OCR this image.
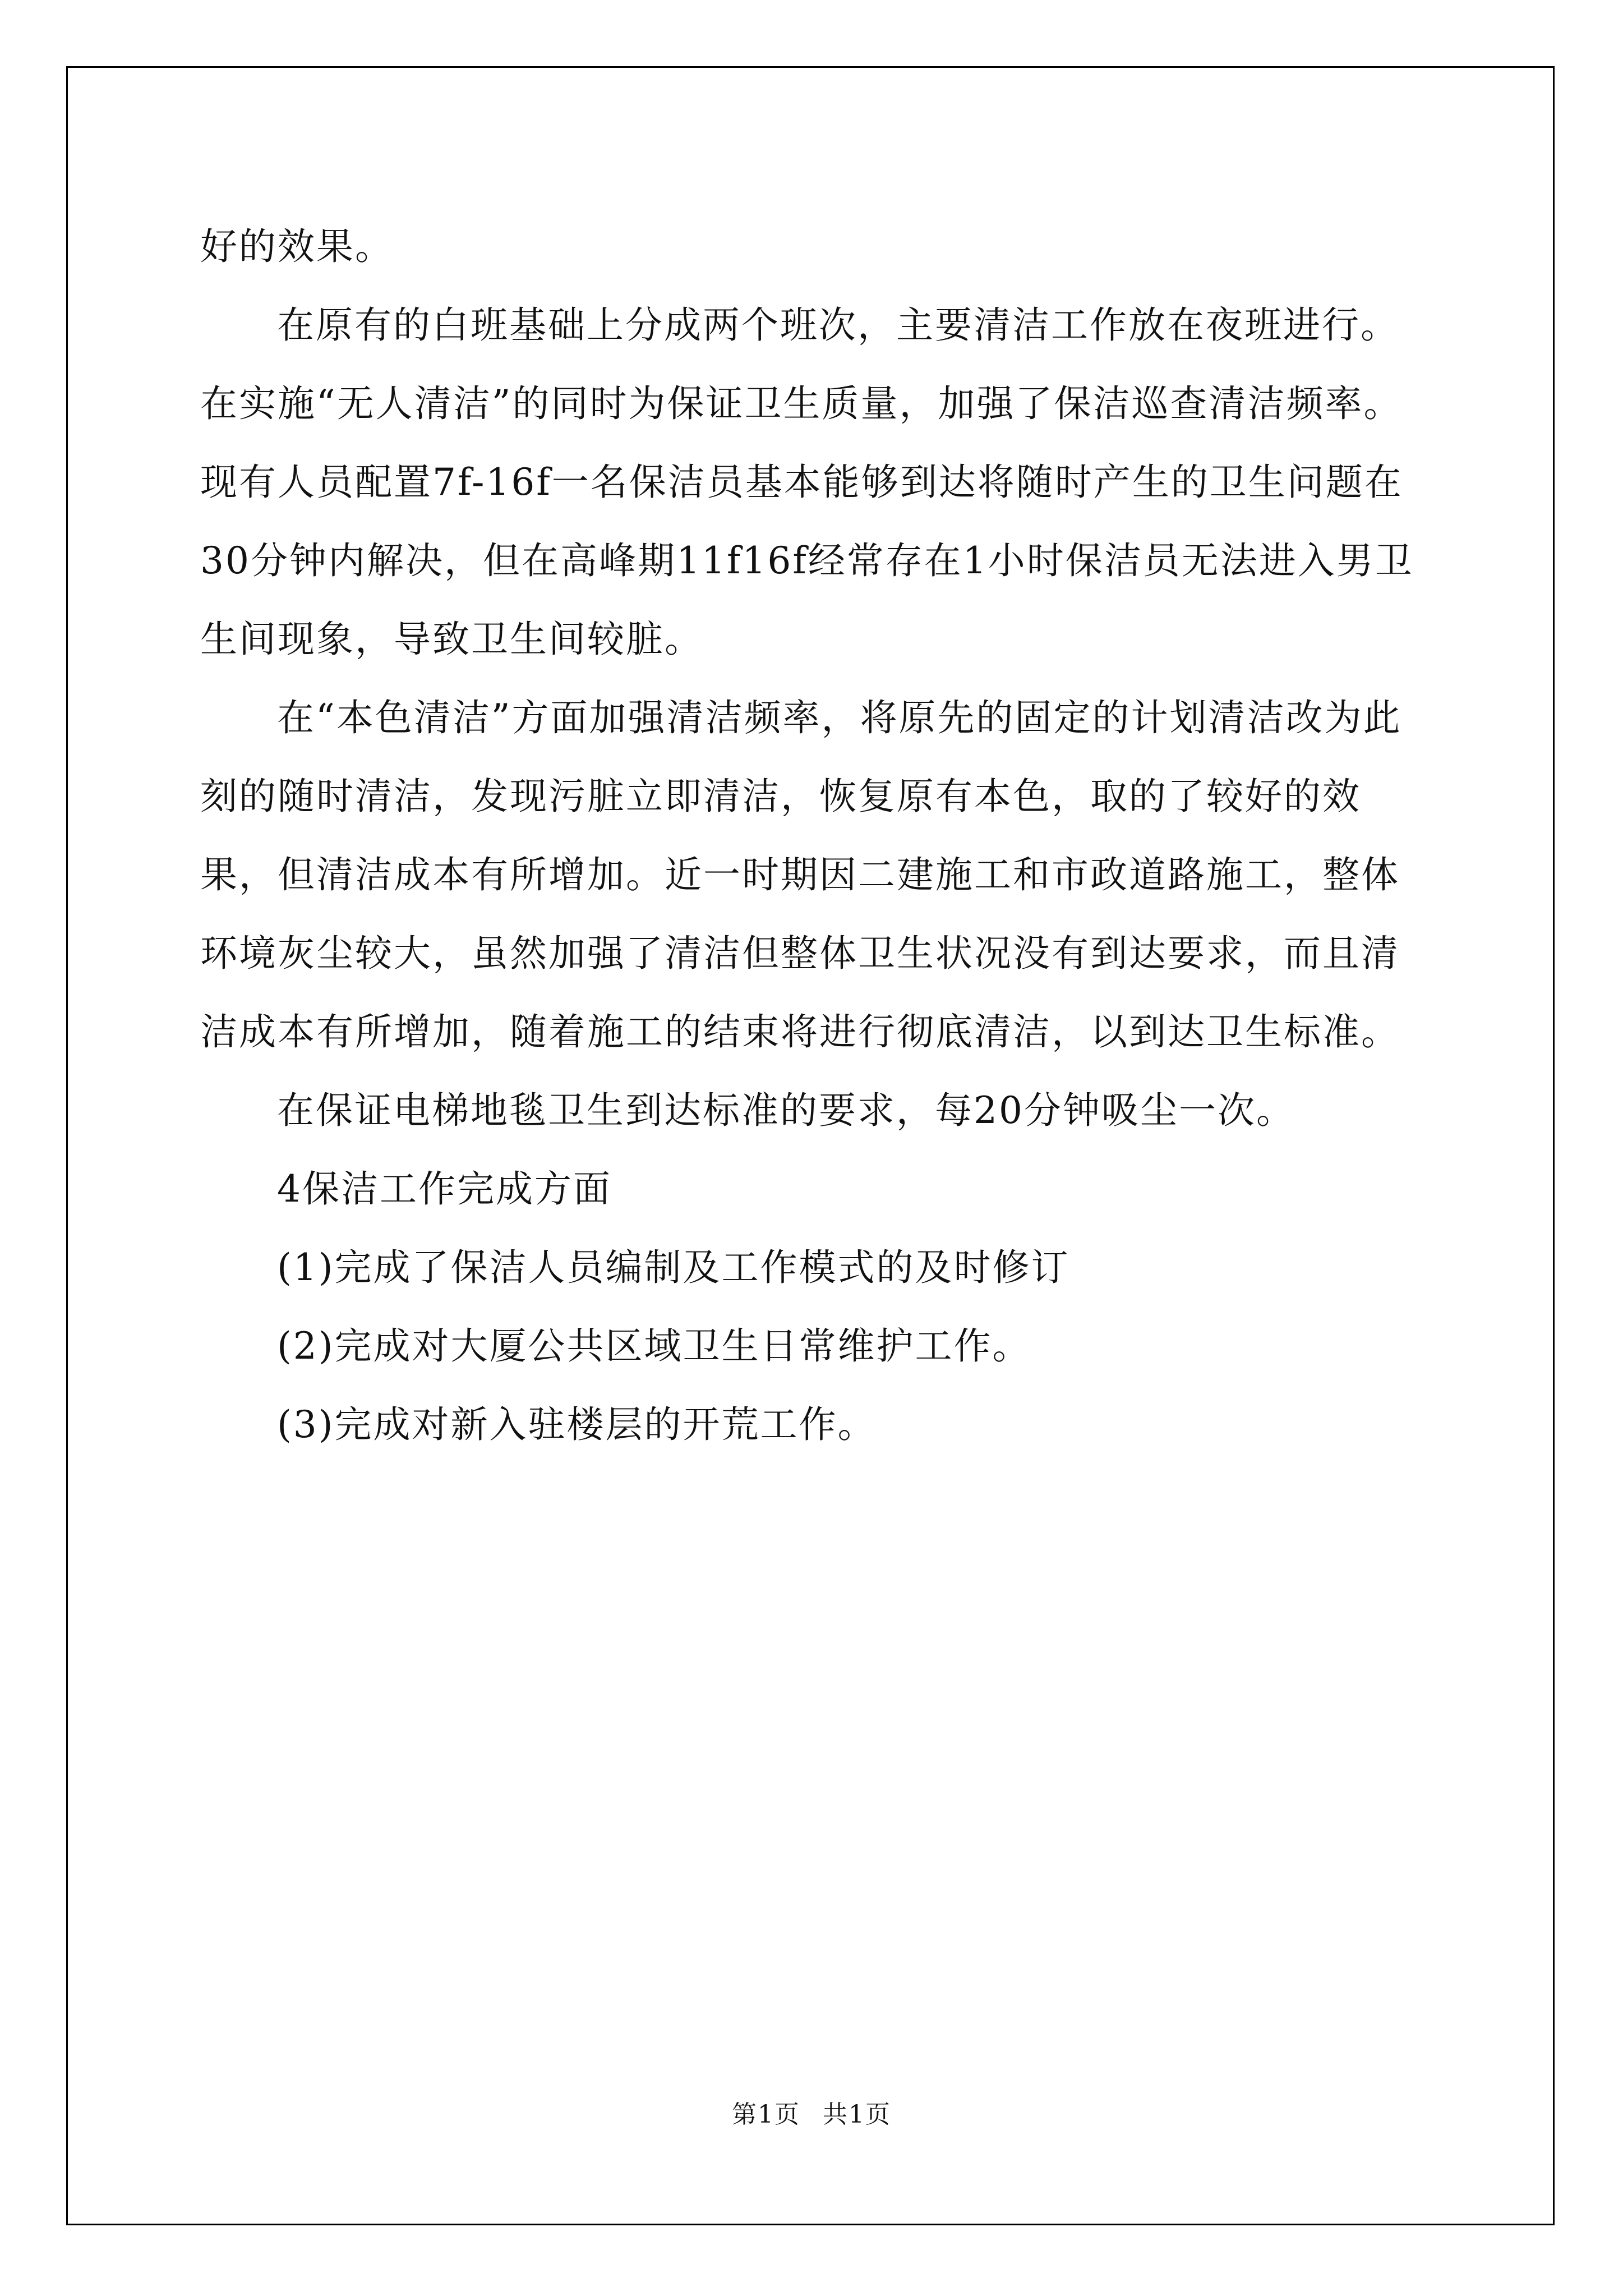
好的效果。

在原有的白班基础上分成两个班次，主要清洁工作放在夜班进行。在实施“无人清洁”的同时为保证卫生质量，加强了保洁巡查清洁频率。现有人员配置7f-16f一名保洁员基本能够到达将随时产生的卫生问题在30分钟内解决，但在高峰期11f16f经常存在1小时保洁员无法进入男卫生间现象，导致卫生间较脏。

在“本色清洁”方面加强清洁频率，将原先的固定的计划清洁改为此刻的随时清洁，发现污脏立即清洁，恢复原有本色，取的了较好的效果，但清洁成本有所增加。近一时期因二建施工和市政道路施工，整体环境灰尘较大，虽然加强了清洁但整体卫生状况没有到达要求，而且清洁成本有所增加，随着施工的结束将进行彻底清洁，以到达卫生标准。

在保证电梯地毯卫生到达标准的要求，每20分钟吸尘一次。

4保洁工作完成方面

(1)完成了保洁人员编制及工作模式的及时修订

(2)完成对大厦公共区域卫生日常维护工作。

(3)完成对新入驻楼层的开荒工作。

第1页 共1页
